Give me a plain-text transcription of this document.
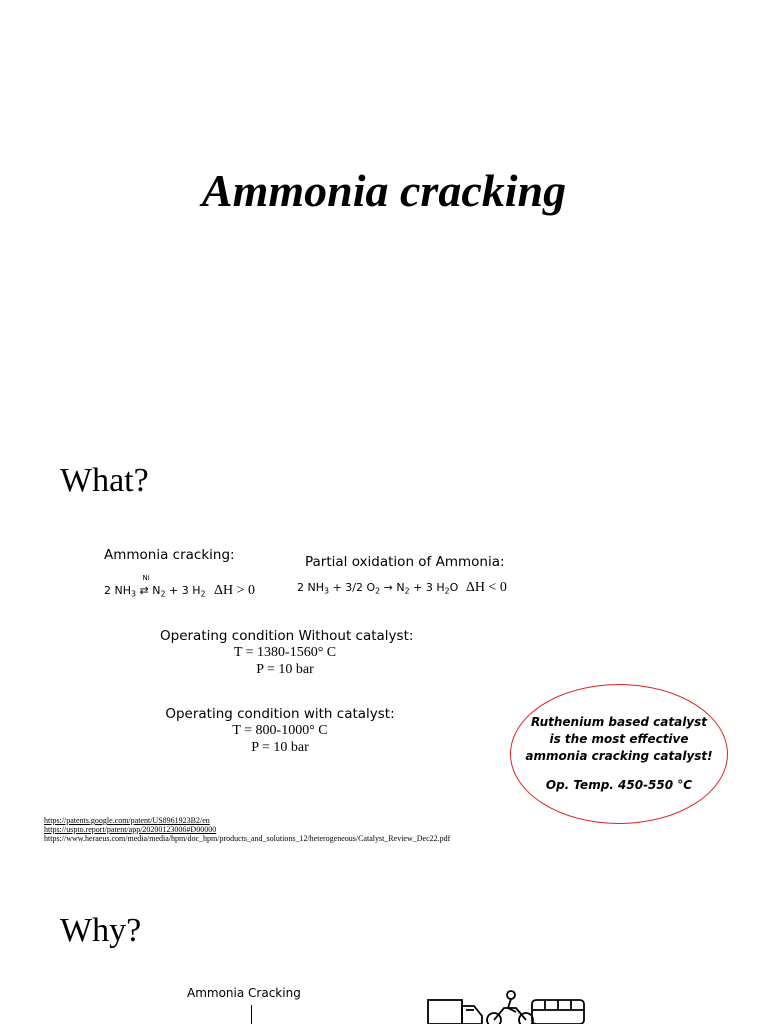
Ammonia cracking
What?
Ammonia cracking:
2 $NH_3$
Ni
⇄ $N_2 + 3$ $H_2$ ΔH > 0
Partial oxidation of Ammonia:
2 $NH_3 + 3/2$ $O_2 \to N_2 + 3$ $H_2O$ ΔH < 0
Operating condition Without catalyst:
T = 1380-1560° C
P = 10 bar
Operating condition with catalyst:
T = 800-1000° C
P = 10 bar
Ruthenium based catalyst
is the most effective
ammonia cracking catalyst!
Op. Temp. 450-550 °C
https://patents.google.com/patent/US8961923B2/en
https://uspto.report/patent/app/20200123006#D00000
https://www.heraeus.com/media/media/hpm/doc_hpm/products_and_solutions_12/heterogeneous/Catalyst_Review_Dec22.pdf
Why?
Ammonia Cracking
